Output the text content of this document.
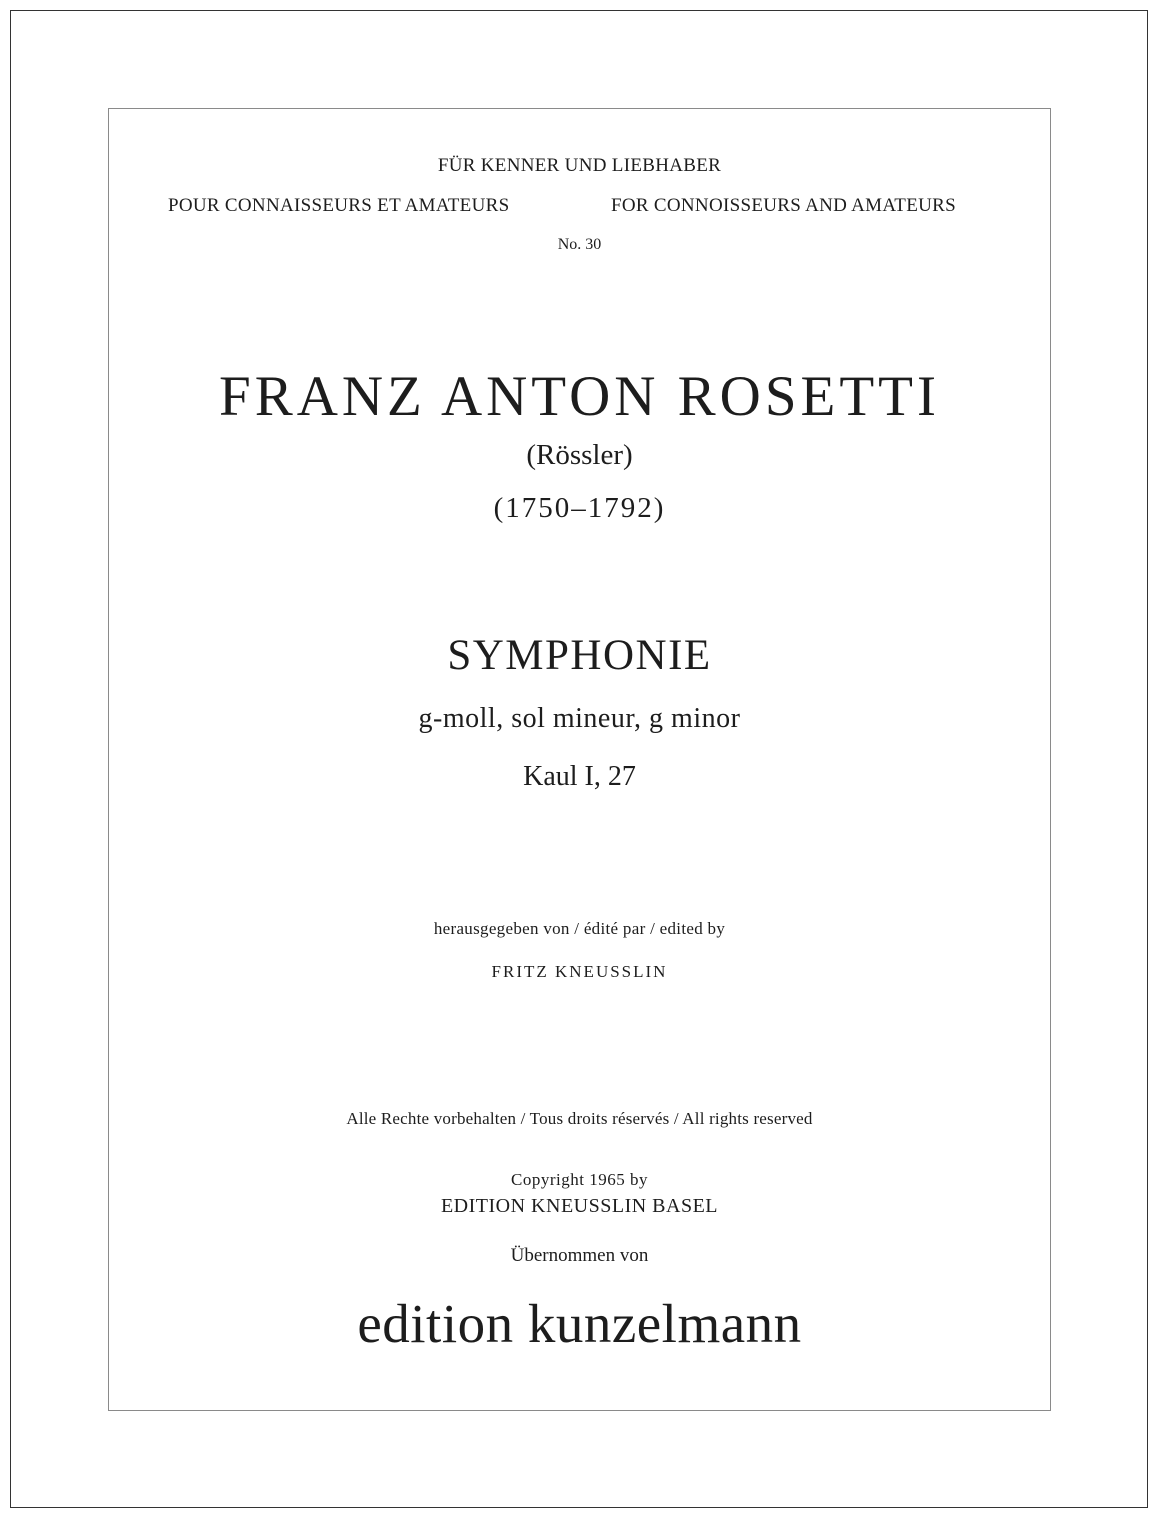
FÜR KENNER UND LIEBHABER
POUR CONNAISSEURS ET AMATEURS	FOR CONNOISSEURS AND AMATEURS
No. 30
FRANZ ANTON ROSETTI
(Rössler)
(1750–1792)
SYMPHONIE
g-moll, sol mineur, g minor
Kaul I, 27
herausgegeben von / édité par / edited by
FRITZ KNEUSSLIN
Alle Rechte vorbehalten / Tous droits réservés / All rights reserved
Copyright 1965 by
EDITION KNEUSSLIN BASEL
Übernommen von
edition kunzelmann
